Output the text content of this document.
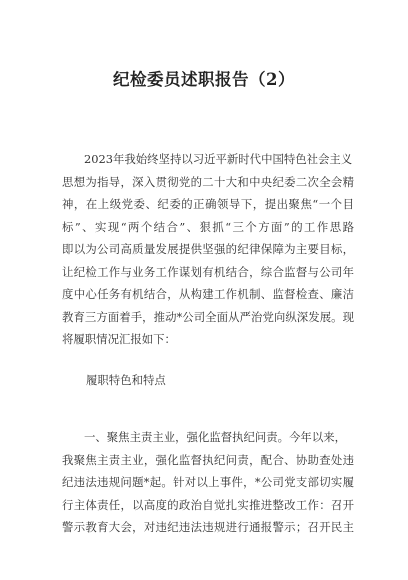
纪检委员述职报告（2）
2023年我始终坚持以习近平新时代中国特色社会主义
思想为指导，深入贯彻党的二十大和中央纪委二次全会精
神，在上级党委、纪委的正确领导下，提出聚焦“一个目
标”、实现“两个结合”、狠抓“三个方面”的工作思路
即以为公司高质量发展提供坚强的纪律保障为主要目标，
让纪检工作与业务工作谋划有机结合，综合监督与公司年
度中心任务有机结合，从构建工作机制、监督检查、廉洁
教育三方面着手，推动*公司全面从严治党向纵深发展。现
将履职情况汇报如下：
履职特色和特点
一、聚焦主责主业，强化监督执纪问责。今年以来，
我聚焦主责主业，强化监督执纪问责，配合、协助查处违
纪违法违规问题*起。针对以上事件，*公司党支部切实履
行主体责任，以高度的政治自觉扎实推进整改工作：召开
警示教育大会，对违纪违法违规进行通报警示；召开民主
